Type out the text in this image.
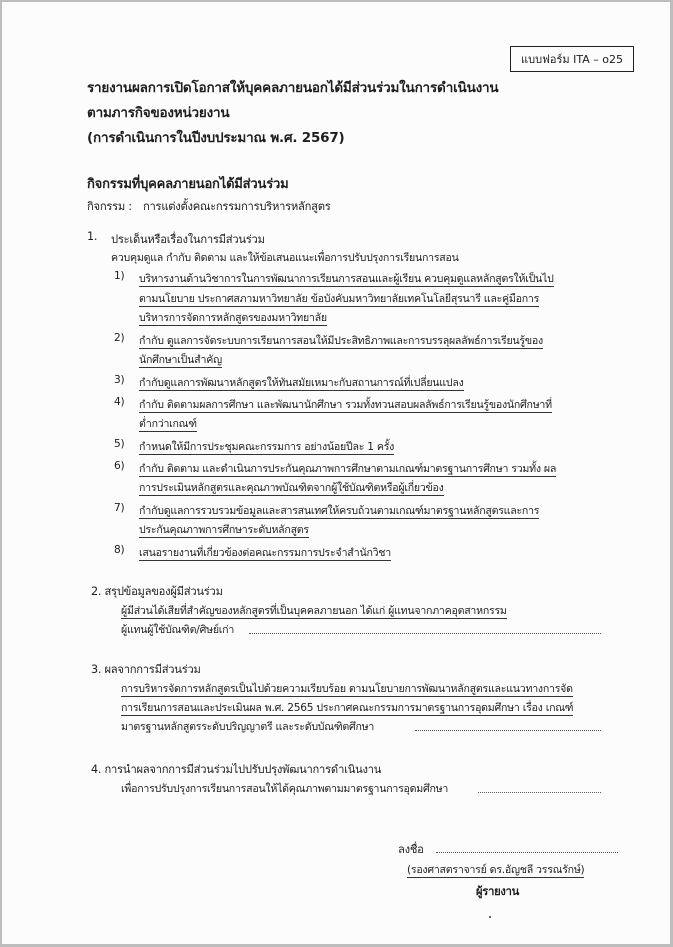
แบบฟอร์ม ITA – o25
รายงานผลการเปิดโอกาสให้บุคคลภายนอกได้มีส่วนร่วมในการดำเนินงาน
ตามภารกิจของหน่วยงาน
(การดำเนินการในปีงบประมาณ พ.ศ. 2567)
กิจกรรมที่บุคคลภายนอกได้มีส่วนร่วม
กิจกรรม : การแต่งตั้งคณะกรรมการบริหารหลักสูตร
1. ประเด็นหรือเรื่องในการมีส่วนร่วม
ควบคุมดูแล กำกับ ติดตาม และให้ข้อเสนอแนะเพื่อการปรับปรุงการเรียนการสอน
1) บริหารงานด้านวิชาการในการพัฒนาการเรียนการสอนและผู้เรียน ควบคุมดูแลหลักสูตรให้เป็นไป
ตามนโยบาย ประกาศสภามหาวิทยาลัย ข้อบังคับมหาวิทยาลัยเทคโนโลยีสุรนารี และคู่มือการ
บริหารการจัดการหลักสูตรของมหาวิทยาลัย
2) กำกับ ดูแลการจัดระบบการเรียนการสอนให้มีประสิทธิภาพและการบรรลุผลลัพธ์การเรียนรู้ของ
นักศึกษาเป็นสำคัญ
3) กำกับดูแลการพัฒนาหลักสูตรให้ทันสมัยเหมาะกับสถานการณ์ที่เปลี่ยนแปลง
4) กำกับ ติดตามผลการศึกษา และพัฒนานักศึกษา รวมทั้งทวนสอบผลลัพธ์การเรียนรู้ของนักศึกษาที่
ต่ำกว่าเกณฑ์
5) กำหนดให้มีการประชุมคณะกรรมการ อย่างน้อยปีละ 1 ครั้ง
6) กำกับ ติดตาม และดำเนินการประกันคุณภาพการศึกษาตามเกณฑ์มาตรฐานการศึกษา รวมทั้ง ผล
การประเมินหลักสูตรและคุณภาพบัณฑิตจากผู้ใช้บัณฑิตหรือผู้เกี่ยวข้อง
7) กำกับดูแลการรวบรวมข้อมูลและสารสนเทศให้ครบถ้วนตามเกณฑ์มาตรฐานหลักสูตรและการ
ประกันคุณภาพการศึกษาระดับหลักสูตร
8) เสนอรายงานที่เกี่ยวข้องต่อคณะกรรมการประจำสำนักวิชา
2. สรุปข้อมูลของผู้มีส่วนร่วม
ผู้มีส่วนได้เสียที่สำคัญของหลักสูตรที่เป็นบุคคลภายนอก ได้แก่ ผู้แทนจากภาคอุตสาหกรรม
ผู้แทนผู้ใช้บัณฑิต/ศิษย์เก่า
3. ผลจากการมีส่วนร่วม
การบริหารจัดการหลักสูตรเป็นไปด้วยความเรียบร้อย ตามนโยบายการพัฒนาหลักสูตรและแนวทางการจัด
การเรียนการสอนและประเมินผล พ.ศ. 2565 ประกาศคณะกรรมการมาตรฐานการอุดมศึกษา เรื่อง เกณฑ์
มาตรฐานหลักสูตรระดับปริญญาตรี และระดับบัณฑิตศึกษา
4. การนำผลจากการมีส่วนร่วมไปปรับปรุงพัฒนาการดำเนินงาน
เพื่อการปรับปรุงการเรียนการสอนให้ได้คุณภาพตามมาตรฐานการอุดมศึกษา
ลงชื่อ
(รองศาสตราจารย์ ดร.อัญชลี วรรณรักษ์)
ผู้รายงาน
